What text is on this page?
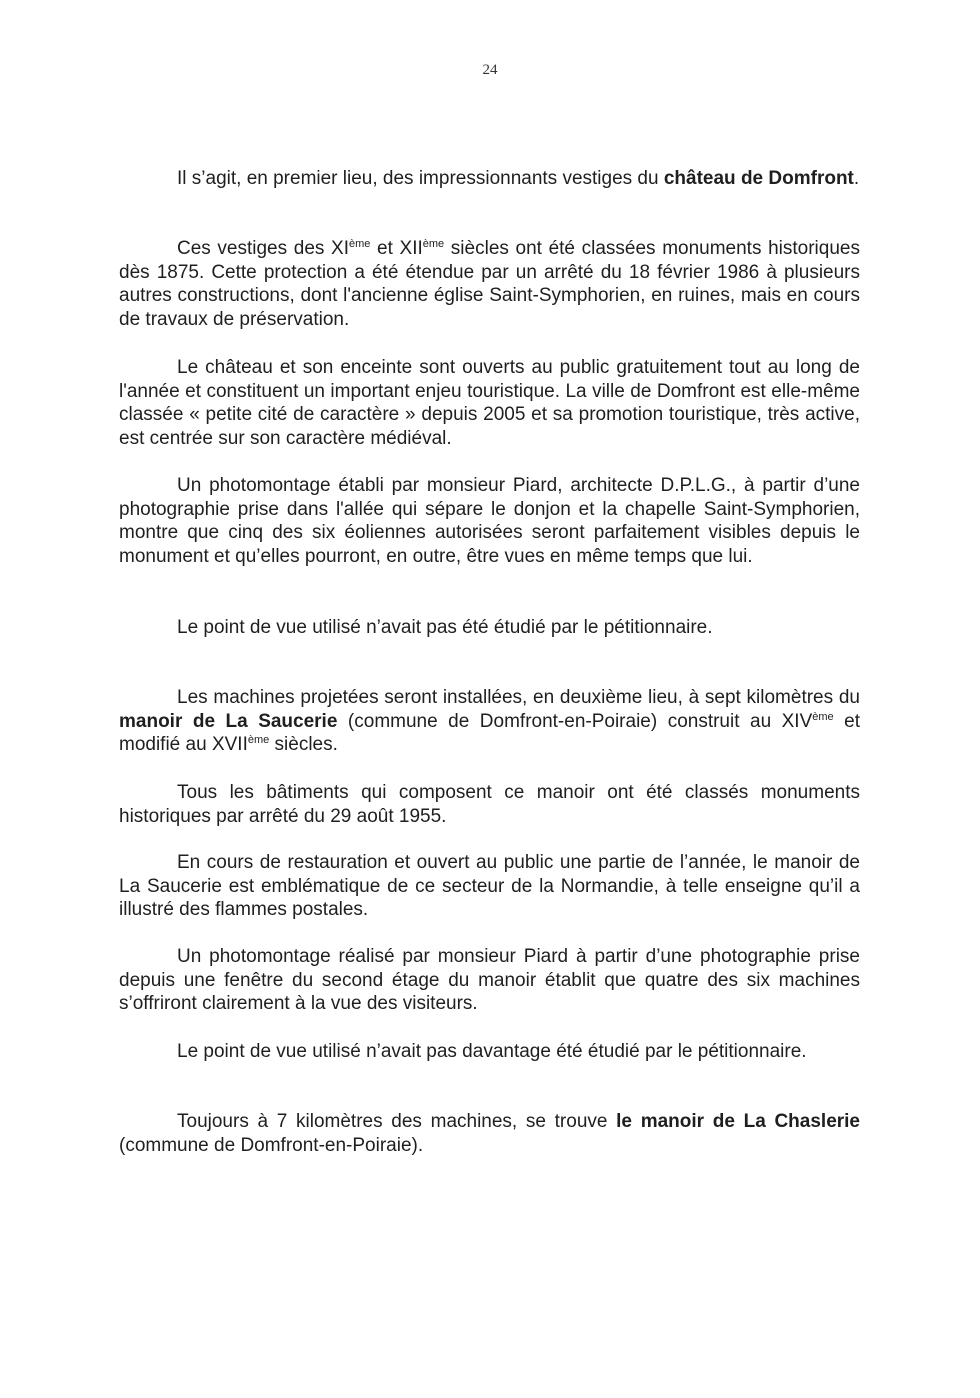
24

Il s’agit, en premier lieu, des impressionnants vestiges du château de Domfront.

Ces vestiges des XIème et XIIème siècles ont été classées monuments historiques dès 1875. Cette protection a été étendue par un arrêté du 18 février 1986 à plusieurs autres constructions, dont l'ancienne église Saint-Symphorien, en ruines, mais en cours de travaux de préservation.

Le château et son enceinte sont ouverts au public gratuitement tout au long de l'année et constituent un important enjeu touristique. La ville de Domfront est elle-même classée « petite cité de caractère » depuis 2005 et sa promotion touristique, très active, est centrée sur son caractère médiéval.

Un photomontage établi par monsieur Piard, architecte D.P.L.G., à partir d’une photographie prise dans l'allée qui sépare le donjon et la chapelle Saint-Symphorien, montre que cinq des six éoliennes autorisées seront parfaitement visibles depuis le monument et qu’elles pourront, en outre, être vues en même temps que lui.

Le point de vue utilisé n’avait pas été étudié par le pétitionnaire.

Les machines projetées seront installées, en deuxième lieu, à sept kilomètres du manoir de La Saucerie (commune de Domfront-en-Poiraie) construit au XIVème et modifié au XVIIème siècles.

Tous les bâtiments qui composent ce manoir ont été classés monuments historiques par arrêté du 29 août 1955.

En cours de restauration et ouvert au public une partie de l’année, le manoir de La Saucerie est emblématique de ce secteur de la Normandie, à telle enseigne qu’il a illustré des flammes postales.

Un photomontage réalisé par monsieur Piard à partir d’une photographie prise depuis une fenêtre du second étage du manoir établit que quatre des six machines s’offriront clairement à la vue des visiteurs.

Le point de vue utilisé n’avait pas davantage été étudié par le pétitionnaire.

Toujours à 7 kilomètres des machines, se trouve le manoir de La Chaslerie (commune de Domfront-en-Poiraie).
